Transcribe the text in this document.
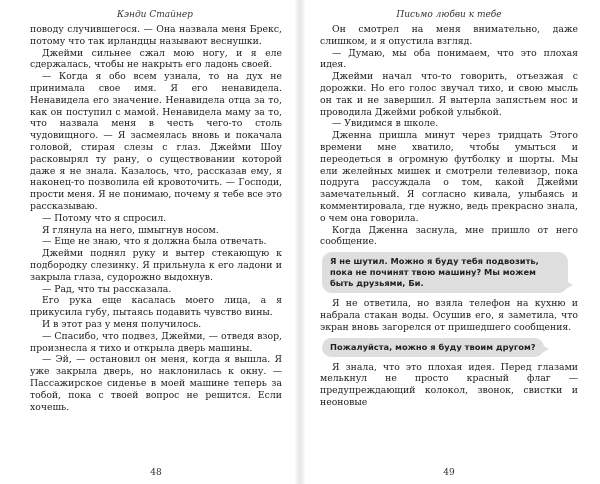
Кэнди Стайнер

поводу случившегося. — Она назвала меня Брекс, потому что так ирландцы называют веснушки.

Джейми сильнее сжал мою ногу, и я еле сдержалась, чтобы не накрыть его ладонь своей.

— Когда я обо всем узнала, то на дух не принимала свое имя. Я его ненавидела. Ненавидела его значение. Ненавидела отца за то, как он поступил с мамой. Ненавидела маму за то, что назвала меня в честь чего-то столь чудовищного. — Я засмеялась вновь и покачала головой, стирая слезы с глаз. Джейми Шоу расковырял ту рану, о существовании которой даже я не знала. Казалось, что, рассказав ему, я наконец-то позволила ей кровоточить. — Господи, прости меня. Я не понимаю, почему я тебе все это рассказываю.

— Потому что я спросил.

Я глянула на него, шмыгнув носом.

— Еще не знаю, что я должна была отвечать.

Джейми поднял руку и вытер стекающую к подбородку слезинку. Я прильнула к его ладони и закрыла глаза, судорожно выдохнув.

— Рад, что ты рассказала.

Его рука еще касалась моего лица, а я прикусила губу, пытаясь подавить чувство вины.

И в этот раз у меня получилось.

— Спасибо, что подвез, Джейми, — отведя взор, произнесла я тихо и открыла дверь машины.

— Эй, — остановил он меня, когда я вышла. Я уже закрыла дверь, но наклонилась к окну. — Пассажирское сиденье в моей машине теперь за тобой, пока с твоей вопрос не решится. Если хочешь.

48
Письмо любви к тебе

Он смотрел на меня внимательно, даже слишком, и я опустила взгляд.

— Думаю, мы оба понимаем, что это плохая идея.

Джейми начал что-то говорить, отъезжая с дорожки. Но его голос звучал тихо, и свою мысль он так и не завершил. Я вытерла запястьем нос и проводила Джейми робкой улыбкой.

— Увидимся в школе.

Дженна пришла минут через тридцать Этого времени мне хватило, чтобы умыться и переодеться в огромную футболку и шорты. Мы ели желейных мишек и смотрели телевизор, пока подруга рассуждала о том, какой Джейми замечательный. Я согласно кивала, улыбаясь и комментировала, где нужно, ведь прекрасно знала, о чем она говорила.

Когда Дженна заснула, мне пришло от него сообщение.

Я не шутил. Можно я буду тебя подвозить, пока не починят твою машину? Мы можем быть друзьями, Би.

Я не ответила, но взяла телефон на кухню и набрала стакан воды. Осушив его, я заметила, что экран вновь загорелся от пришедшего сообщения.

Пожалуйста, можно я буду твоим другом?

Я знала, что это плохая идея. Перед глазами мелькнул не просто красный флаг — предупреждающий колокол, звонок, свистки и неоновые

49
